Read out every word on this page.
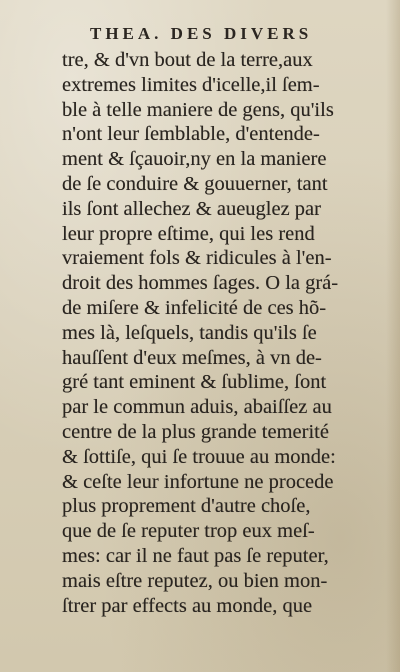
THEA. DES DIVERS
tre, & d'vn bout de la terre,aux
extremes limites d'icelle,il ſem-
ble à telle maniere de gens, qu'ils
n'ont leur ſemblable, d'entende-
ment & ſçauoir,ny en la maniere
de ſe conduire & gouuerner, tant
ils ſont allechez & aueuglez par
leur propre eſtime, qui les rend
vraiement fols & ridicules à l'en-
droit des hommes ſages. O la grá-
de miſere & infelicité de ces hõ-
mes là, leſquels, tandis qu'ils ſe
hauſſent d'eux meſmes, à vn de-
gré tant eminent & ſublime, ſont
par le commun aduis, abaiſſez au
centre de la plus grande temerité
& ſottiſe, qui ſe trouue au monde:
& ceſte leur infortune ne procede
plus proprement d'autre choſe,
que de ſe reputer trop eux meſ-
mes: car il ne faut pas ſe reputer,
mais eſtre reputez, ou bien mon-
ſtrer par effects au monde, que
